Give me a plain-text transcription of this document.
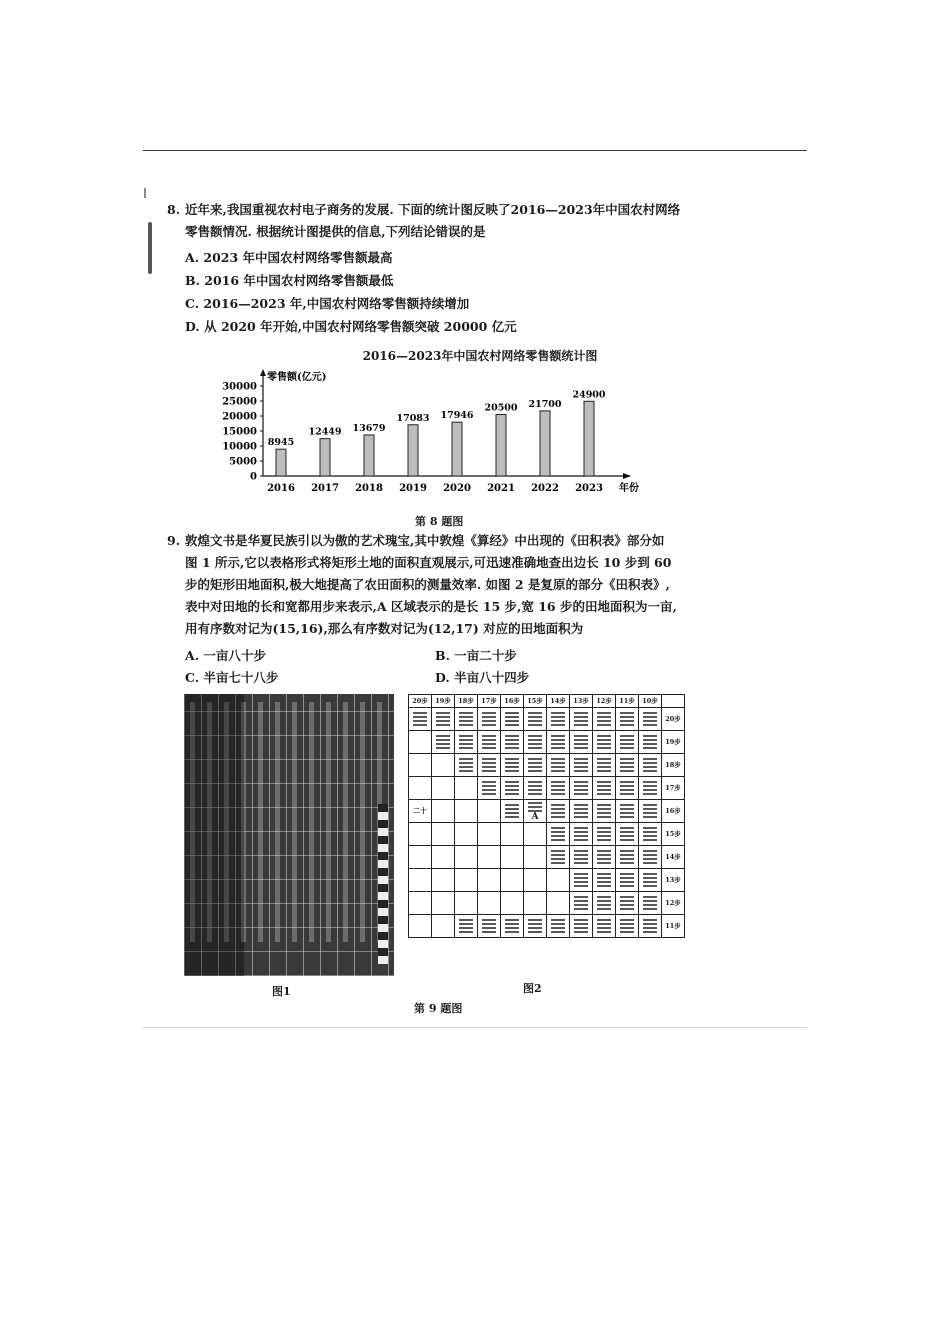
8. 近年来,我国重视农村电子商务的发展. 下面的统计图反映了2016—2023年中国农村网络

零售额情况. 根据统计图提供的信息,下列结论错误的是

A. 2023 年中国农村网络零售额最高
B. 2016 年中国农村网络零售额最低
C. 2016—2023 年,中国农村网络零售额持续增加
D. 从 2020 年开始,中国农村网络零售额突破 20000 亿元
2016—2023年中国农村网络零售额统计图
零售额(亿元)
年份
0
5000
10000
15000
20000
25000
30000
8945
2016
12449
2017
13679
2018
17083
2019
17946
2020
20500
2021
21700
2022
24900
2023
第 8 题图

9. 敦煌文书是华夏民族引以为傲的艺术瑰宝,其中敦煌《算经》中出现的《田积表》部分如

图 1 所示,它以表格形式将矩形土地的面积直观展示,可迅速准确地查出边长 10 步到 60

步的矩形田地面积,极大地提高了农田面积的测量效率. 如图 2 是复原的部分《田积表》,

表中对田地的长和宽都用步来表示,A 区域表示的是长 15 步,宽 16 步的田地面积为一亩,

用有序数对记为(15,16),那么有序数对记为(12,17) 对应的田地面积为

A. 一亩八十步	B. 一亩二十步
C. 半亩七十八步	D. 半亩八十四步
图1
20步	19步	18步	17步	16步	15步	14步	13步	12步	11步	10步	
											20步
											19步
											18步
											17步
二十					A						16步
											15步
											14步
											13步
											12步
											11步
图2
第 9 题图
